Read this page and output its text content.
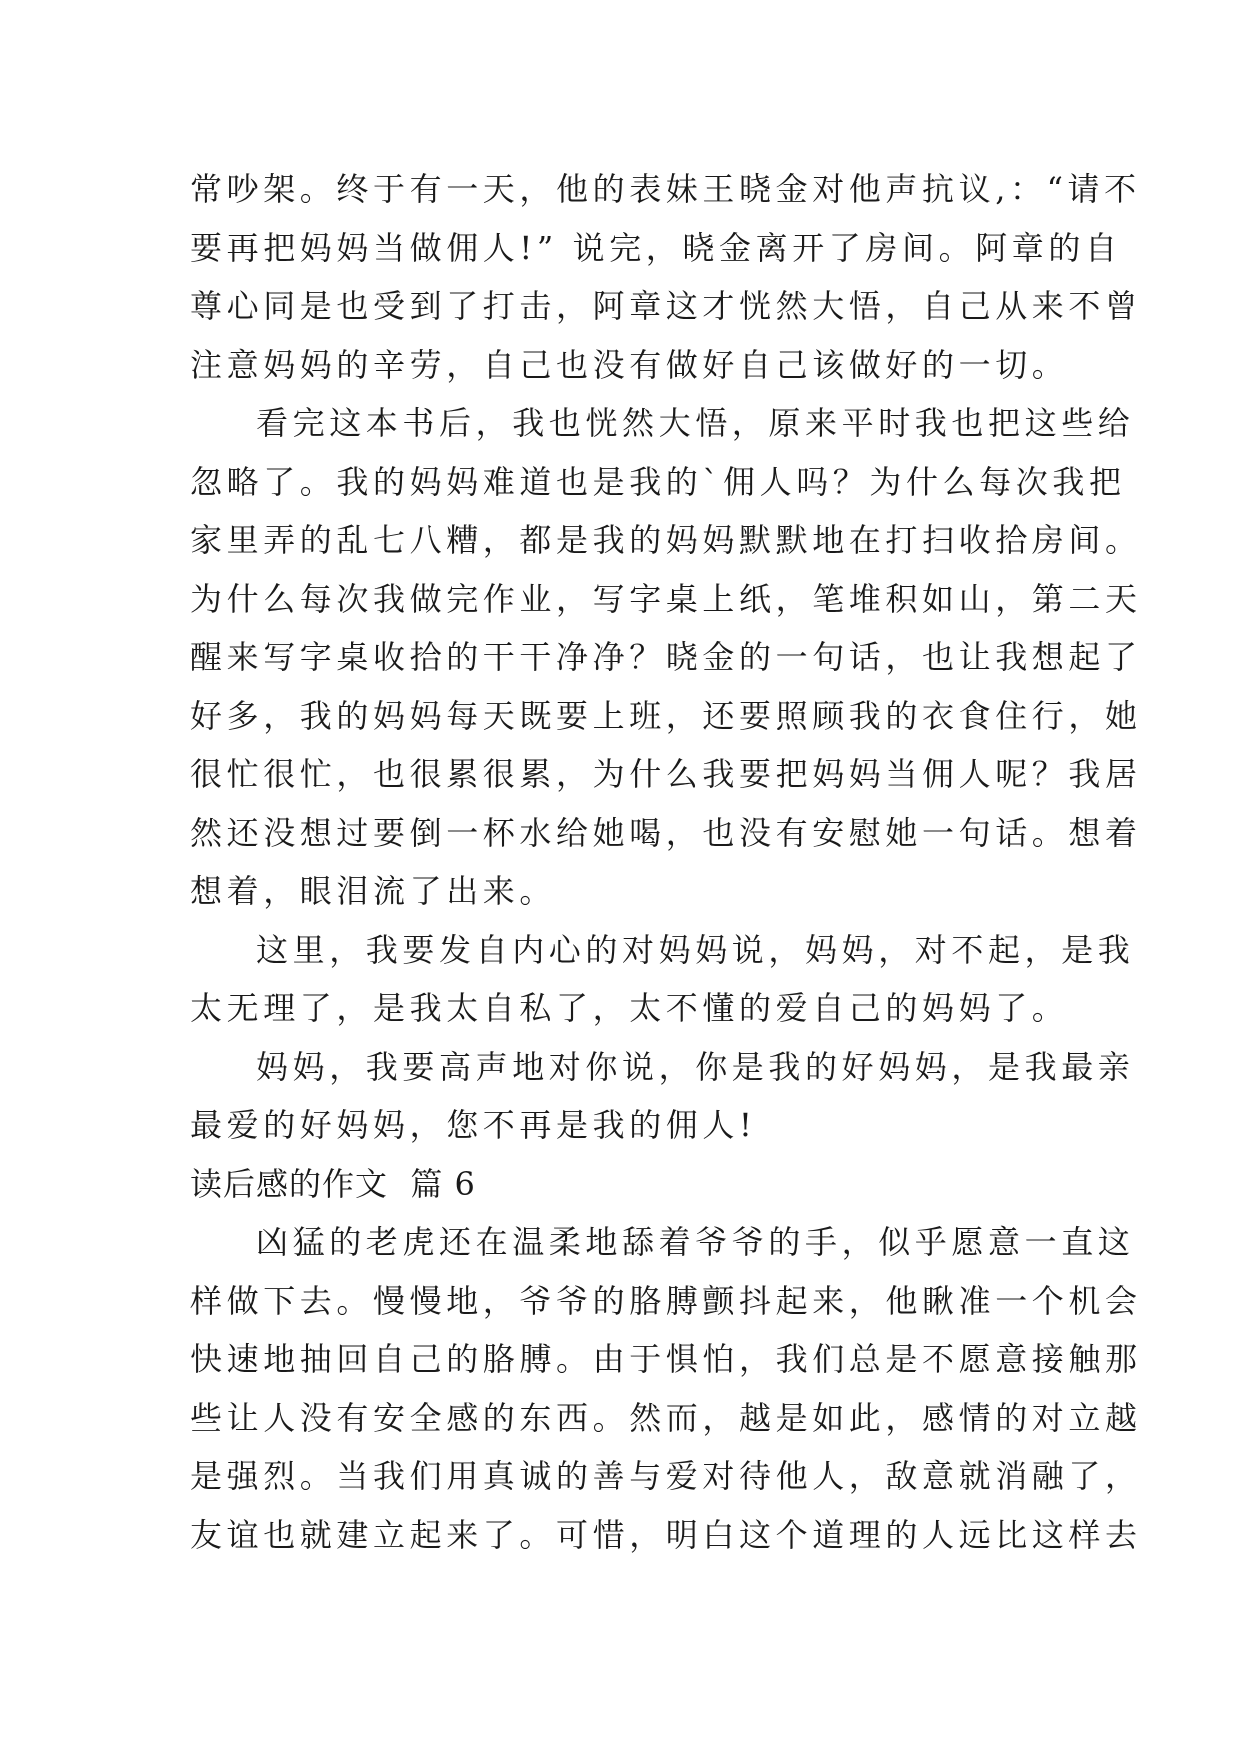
常吵架。终于有一天，他的表妹王晓金对他声抗议,：“请不
要再把妈妈当做佣人!” 说完，晓金离开了房间。阿章的自
尊心同是也受到了打击，阿章这才恍然大悟，自己从来不曾
注意妈妈的辛劳，自己也没有做好自己该做好的一切。
看完这本书后，我也恍然大悟，原来平时我也把这些给
忽略了。我的妈妈难道也是我的`佣人吗？为什么每次我把
家里弄的乱七八糟，都是我的妈妈默默地在打扫收拾房间。
为什么每次我做完作业，写字桌上纸，笔堆积如山，第二天
醒来写字桌收拾的干干净净？晓金的一句话，也让我想起了
好多，我的妈妈每天既要上班，还要照顾我的衣食住行，她
很忙很忙，也很累很累，为什么我要把妈妈当佣人呢？我居
然还没想过要倒一杯水给她喝，也没有安慰她一句话。想着
想着，眼泪流了出来。
这里，我要发自内心的对妈妈说，妈妈，对不起，是我
太无理了，是我太自私了，太不懂的爱自己的妈妈了。
妈妈，我要高声地对你说，你是我的好妈妈，是我最亲
最爱的好妈妈，您不再是我的佣人!
读后感的作文  篇 6
凶猛的老虎还在温柔地舔着爷爷的手，似乎愿意一直这
样做下去。慢慢地，爷爷的胳膊颤抖起来，他瞅准一个机会
快速地抽回自己的胳膊。由于惧怕，我们总是不愿意接触那
些让人没有安全感的东西。然而，越是如此，感情的对立越
是强烈。当我们用真诚的善与爱对待他人，敌意就消融了，
友谊也就建立起来了。可惜，明白这个道理的人远比这样去
